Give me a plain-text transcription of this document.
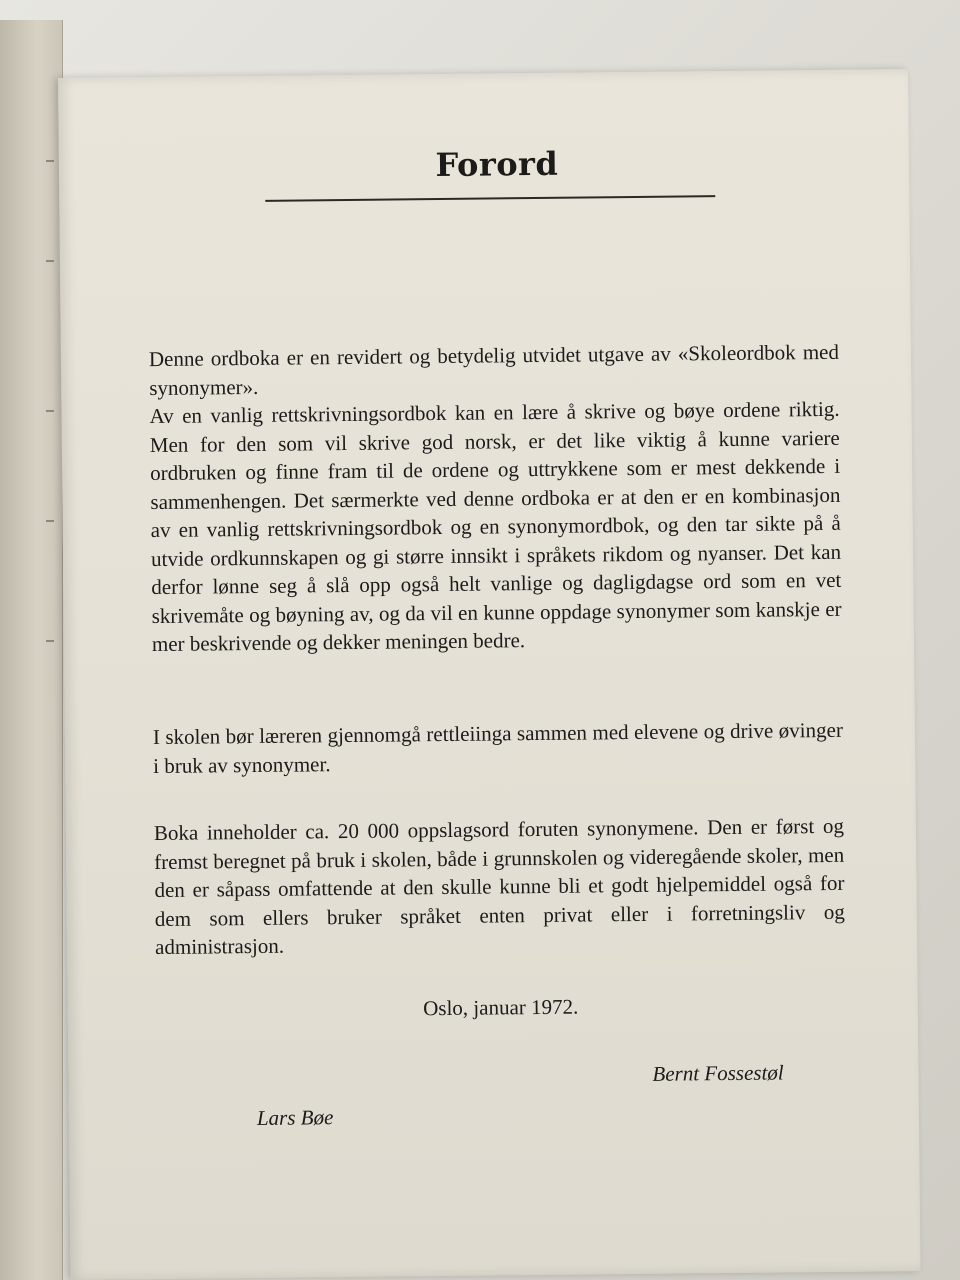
Forord

Denne ordboka er en revidert og betydelig utvidet utgave av «Skoleordbok med synonymer».
Av en vanlig rettskrivningsordbok kan en lære å skrive og bøye ordene riktig. Men for den som vil skrive god norsk, er det like viktig å kunne variere ordbruken og finne fram til de ordene og uttrykkene som er mest dekkende i sammenhengen. Det særmerkte ved denne ordboka er at den er en kombinasjon av en vanlig rettskrivningsordbok og en synonymordbok, og den tar sikte på å utvide ordkunnskapen og gi større innsikt i språkets rikdom og nyanser. Det kan derfor lønne seg å slå opp også helt vanlige og dagligdagse ord som en vet skrivemåte og bøyning av, og da vil en kunne oppdage synonymer som kanskje er mer beskrivende og dekker meningen bedre.

I skolen bør læreren gjennomgå rettleiinga sammen med elevene og drive øvinger i bruk av synonymer.

Boka inneholder ca. 20 000 oppslagsord foruten synonymene. Den er først og fremst beregnet på bruk i skolen, både i grunnskolen og videregående skoler, men den er såpass omfattende at den skulle kunne bli et godt hjelpemiddel også for dem som ellers bruker språket enten privat eller i forretningsliv og administrasjon.

Oslo, januar 1972.
Bernt Fossestøl
Lars Bøe
